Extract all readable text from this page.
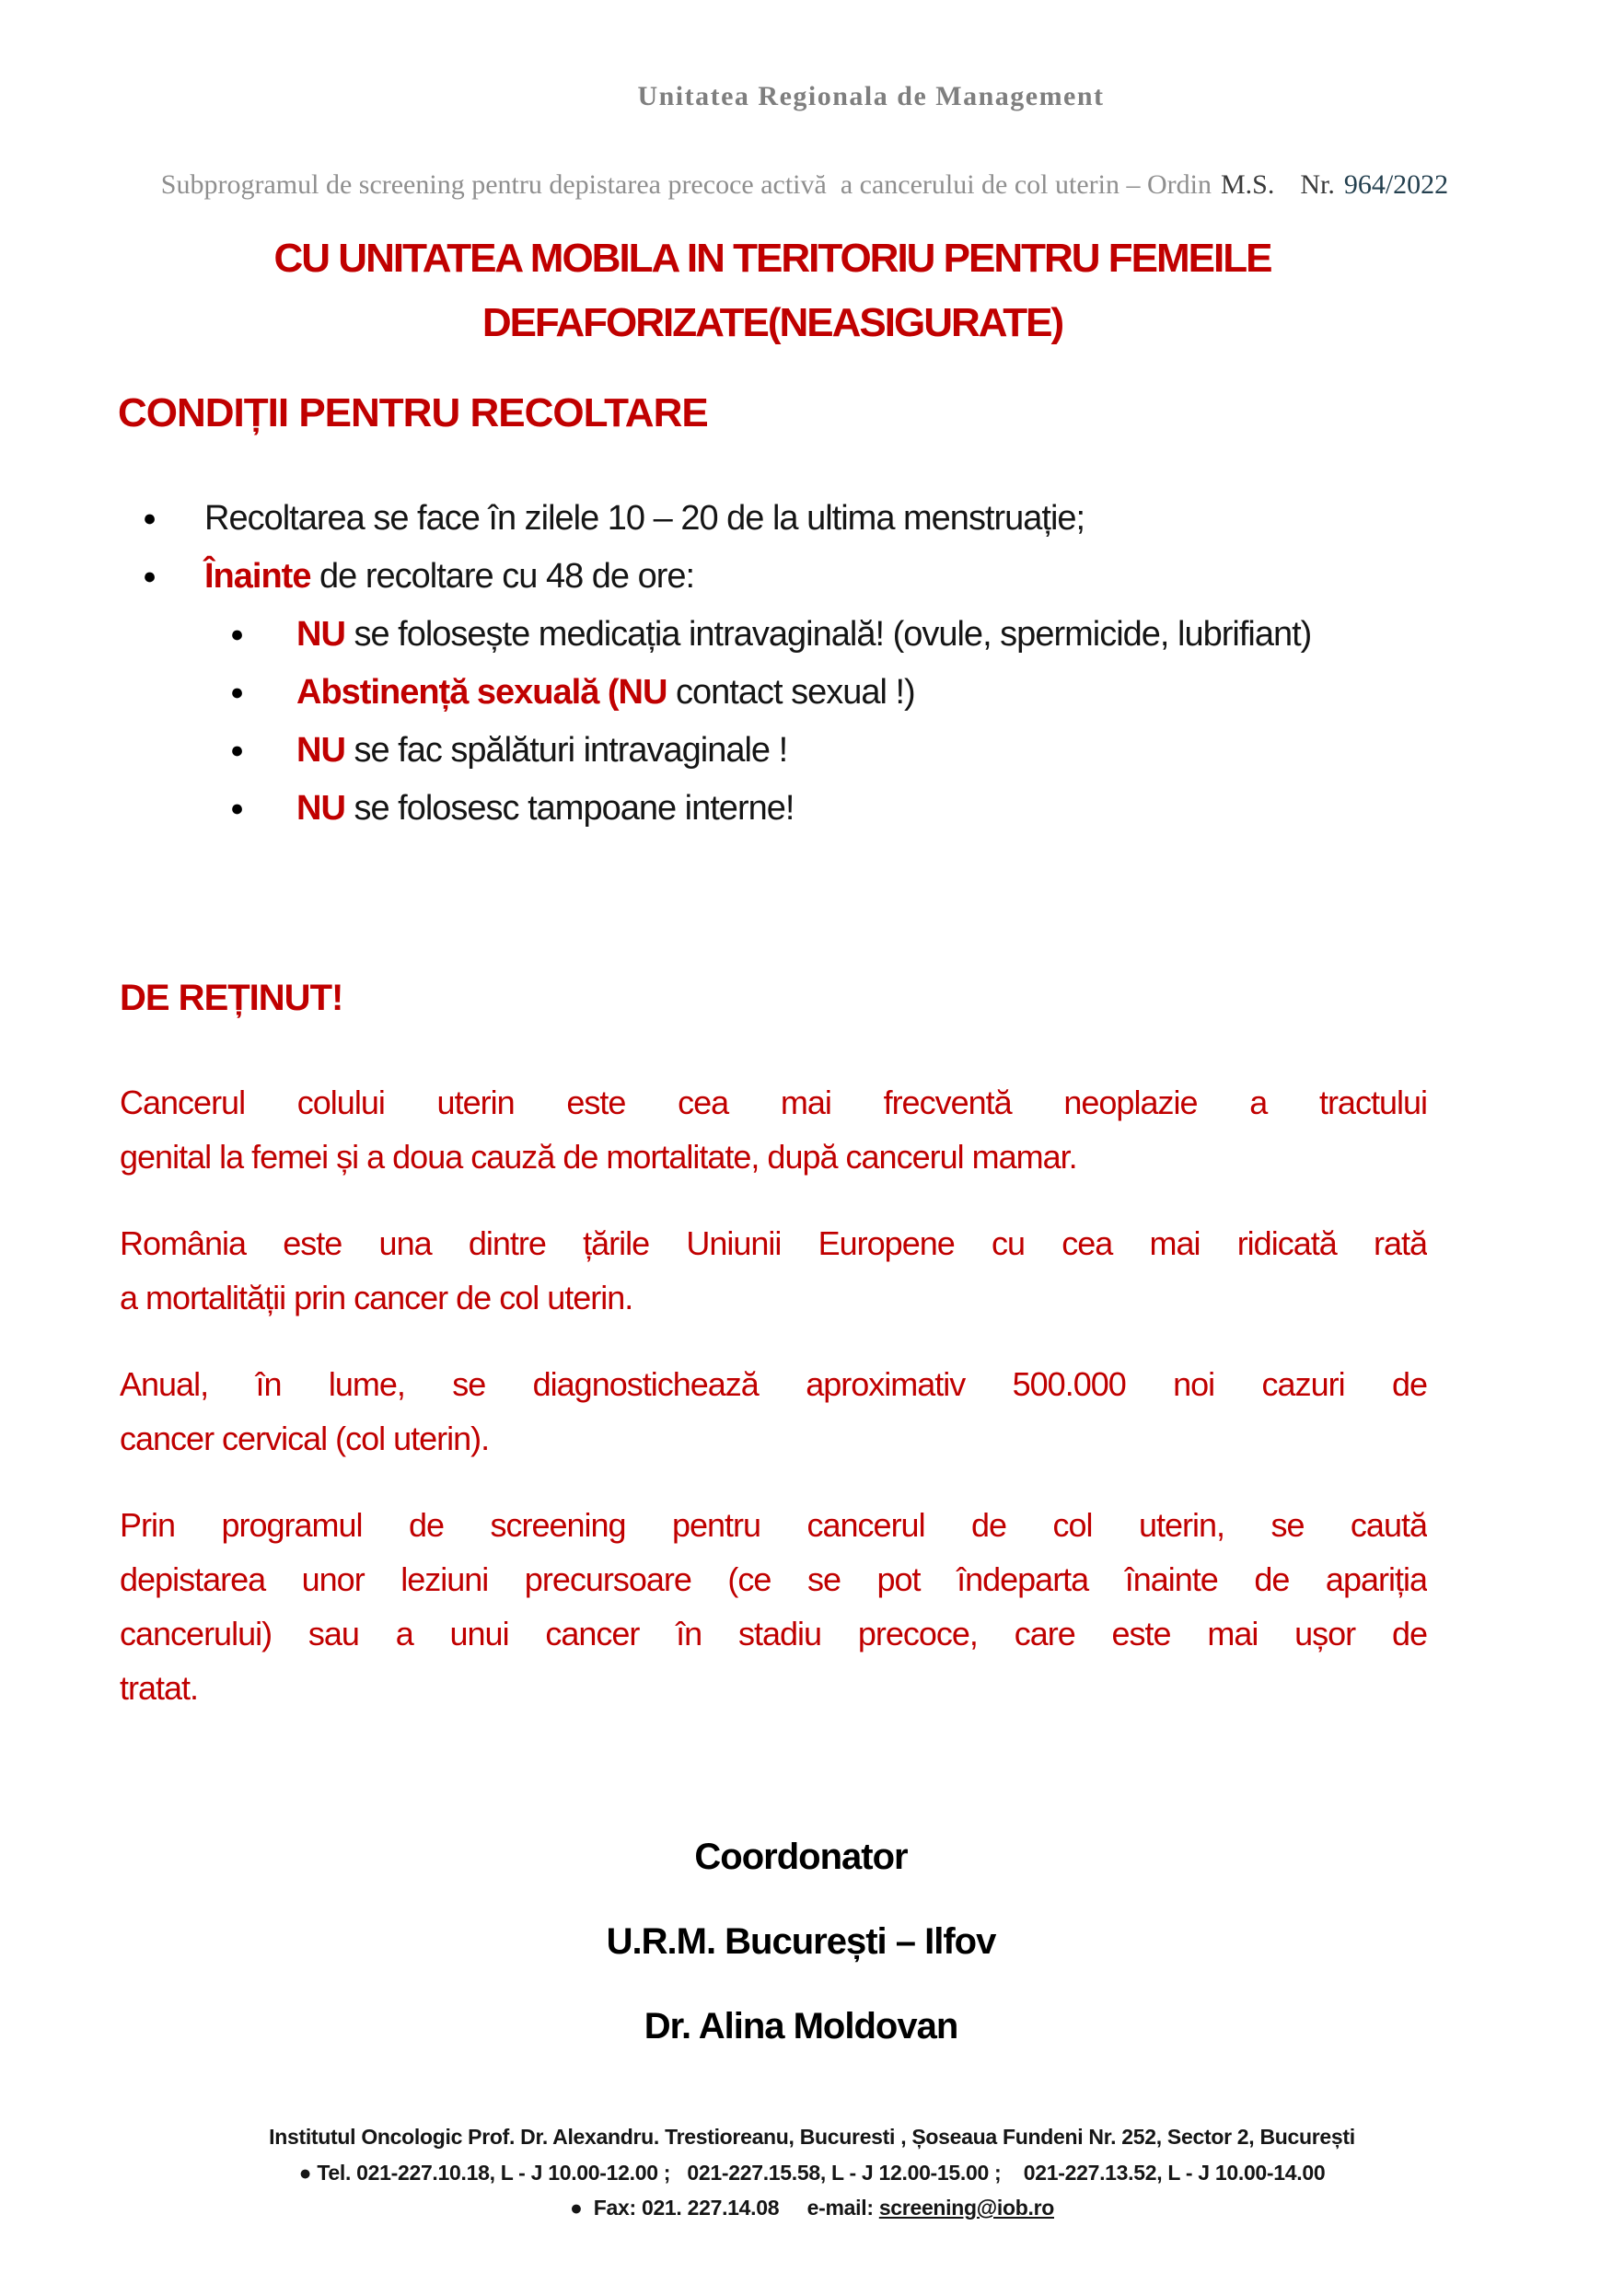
Unitatea Regionala de Management

Subprogramul de screening pentru depistarea precoce activă  a cancerului de col uterin – Ordin M.S. Nr. 964/2022

CU UNITATEA MOBILA IN TERITORIU PENTRU FEMEILE
DEFAFORIZATE(NEASIGURATE)
CONDIȚII PENTRU RECOLTARE
● Recoltarea se face în zilele 10 – 20 de la ultima menstruație;
● Înainte de recoltare cu 48 de ore:
● NU se folosește medicația intravaginală! (ovule, spermicide, lubrifiant)
● Abstinență sexuală (NU contact sexual !)
● NU se fac spălături intravaginale !
● NU se folosesc tampoane interne!
DE REȚINUT!
Cancerul colului uterin este cea mai frecventă neoplazie a tractului
genital la femei și a doua cauză de mortalitate, după cancerul mamar.
România este una dintre țările Uniunii Europene cu cea mai ridicată rată
a mortalității prin cancer de col uterin.
Anual, în lume, se diagnostichează aproximativ 500.000 noi cazuri de
cancer cervical (col uterin).
Prin programul de screening pentru cancerul de col uterin, se caută
depistarea unor leziuni precursoare (ce se pot îndeparta înainte de apariția
cancerului) sau a unui cancer în stadiu precoce, care este mai ușor de
tratat.
Coordonator
U.R.M. București – Ilfov
Dr. Alina Moldovan
Institutul Oncologic Prof. Dr. Alexandru. Trestioreanu, Bucuresti , Șoseaua Fundeni Nr. 252, Sector 2, București
● Tel. 021-227.10.18, L - J 10.00-12.00 ;   021-227.15.58, L - J 12.00-15.00 ;    021-227.13.52, L - J 10.00-14.00
●  Fax: 021. 227.14.08     e-mail: screening@iob.ro
